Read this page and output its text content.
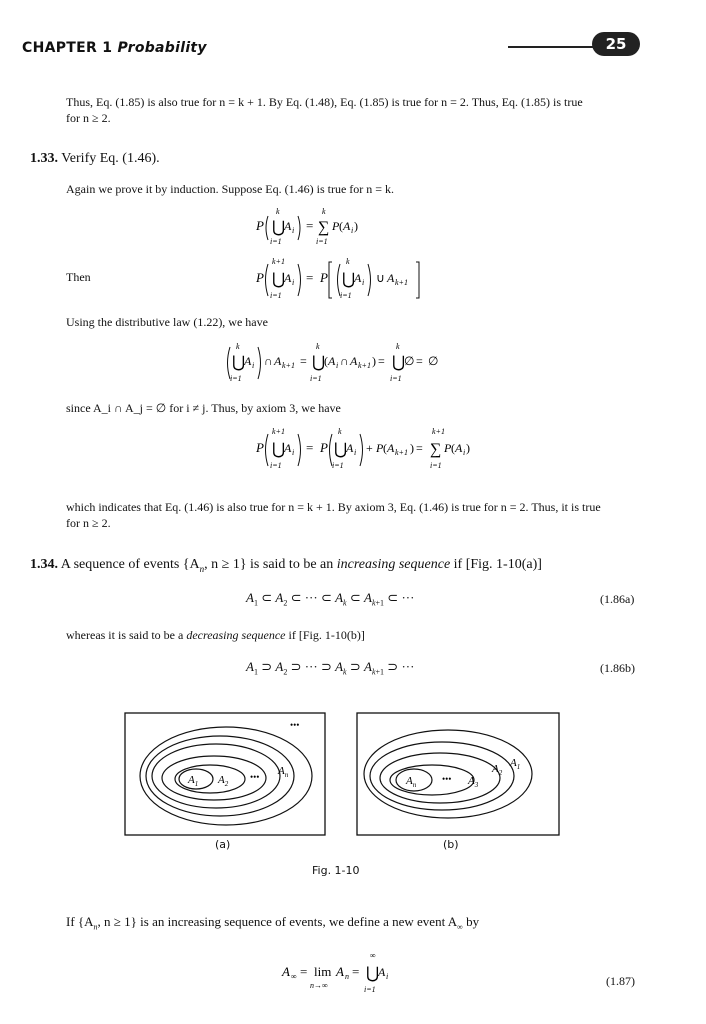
CHAPTER 1 Probability	25
Thus, Eq. (1.85) is also true for n = k + 1. By Eq. (1.48), Eq. (1.85) is true for n = 2. Thus, Eq. (1.85) is true
for n ≥ 2.
1.33. Verify Eq. (1.46).
Again we prove it by induction. Suppose Eq. (1.46) is true for n = k.
P
k
⋃
A i
i=1
=
k
∑ P ( A i )
i=1
Then	P
k+1
⋃
A i
i=1
= P
k
⋃
A i
i=1
∪ A k+1
Using the distributive law (1.22), we have
k
⋃
A i
i=1
∩ A k+1 =
k
⋃
i=1
( A i ∩ A k+1 ) =
k
⋃
i=1
∅ = ∅
since A_i ∩ A_j = ∅ for i ≠ j. Thus, by axiom 3, we have
P
k+1
⋃
A i
i=1
= P
k
⋃
A i
i=1
+ P ( A k+1 ) =
k+1
∑
i=1
P ( A i )
which indicates that Eq. (1.46) is also true for n = k + 1. By axiom 3, Eq. (1.46) is true for n = 2. Thus, it is true
for n ≥ 2.
1.34. A sequence of events {$A_n$, n ≥ 1} is said to be an increasing sequence if [Fig. 1-10(a)]
$A_1$ ⊂ $A_2$ ⊂ ··· ⊂ $A_k$ ⊂ $A_{k+1}$ ⊂ ···	(1.86a)
whereas it is said to be a decreasing sequence if [Fig. 1-10(b)]
$A_1$ ⊃ $A_2$ ⊃ ··· ⊃ $A_k$ ⊃ $A_{k+1}$ ⊃ ···	(1.86b)
$A_1$ $A_2$
••• $A_n$
•••
(a)
$A_n$
••• $A_3$
$A_2$
$A_1$
(b)
Fig. 1-10
If {$A_n$, n ≥ 1} is an increasing sequence of events, we define a new event $A_\infty$ by
A ∞ = lim
n→∞
A n =
∞
⋃
A i
i=1
(1.87)
